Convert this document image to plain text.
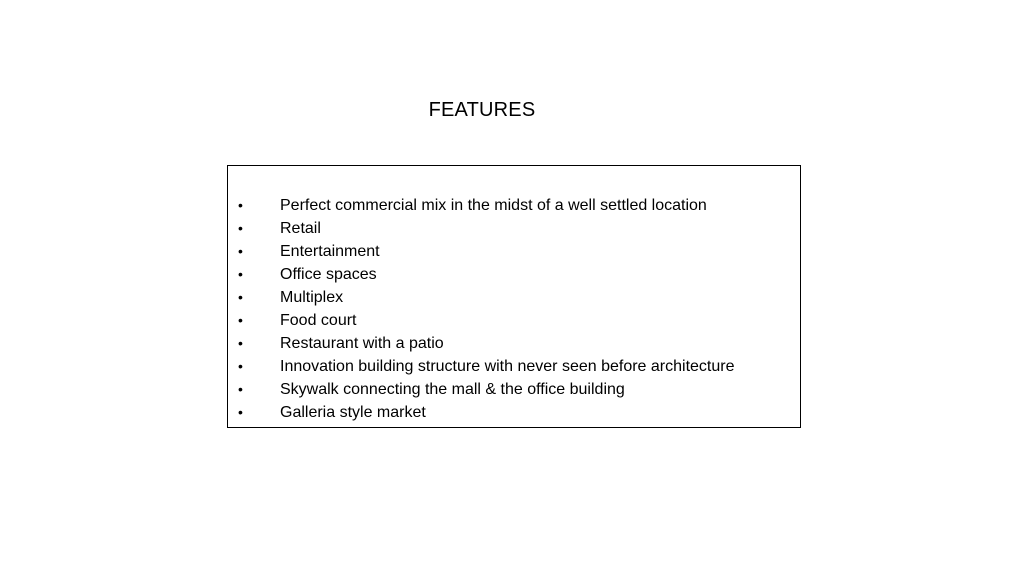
FEATURES
•	Perfect commercial mix in the midst of a well settled location
•	Retail
•	Entertainment
•	Office spaces
•	Multiplex
•	Food court
•	Restaurant with a patio
•	Innovation building structure with never seen before architecture
•	Skywalk connecting the mall & the office building
•	Galleria style market
